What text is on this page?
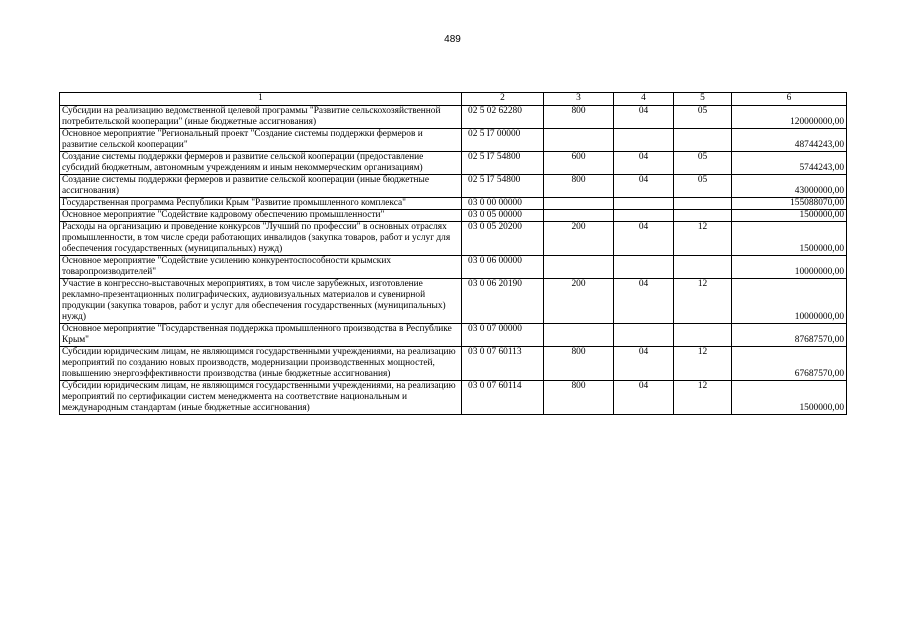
489
1	2	3	4	5	6
Субсидии на реализацию ведомственной целевой программы "Развитие сельскохозяйственной потребительской кооперации" (иные бюджетные ассигнования)	02 5 02 62280	800	04	05	120000000,00
Основное мероприятие "Региональный проект "Создание системы поддержки фермеров и развитие сельской кооперации"	02 5 I7 00000				48744243,00
Создание системы поддержки фермеров и развитие сельской кооперации (предоставление субсидий бюджетным, автономным учреждениям и иным некоммерческим организациям)	02 5 I7 54800	600	04	05	5744243,00
Создание системы поддержки фермеров и развитие сельской кооперации (иные бюджетные ассигнования)	02 5 I7 54800	800	04	05	43000000,00
Государственная программа Республики Крым "Развитие промышленного комплекса"	03 0 00 00000				155088070,00
Основное мероприятие "Содействие кадровому обеспечению промышленности"	03 0 05 00000				1500000,00
Расходы на организацию и проведение конкурсов "Лучший по профессии" в основных отраслях промышленности, в том числе среди работающих инвалидов (закупка товаров, работ и услуг для обеспечения государственных (муниципальных) нужд)	03 0 05 20200	200	04	12	1500000,00
Основное мероприятие "Содействие усилению конкурентоспособности крымских товаропроизводителей"	03 0 06 00000				10000000,00
Участие в конгрессно-выставочных мероприятиях, в том числе зарубежных, изготовление рекламно-презентационных полиграфических, аудиовизуальных материалов и сувенирной продукции (закупка товаров, работ и услуг для обеспечения государственных (муниципальных) нужд)	03 0 06 20190	200	04	12	10000000,00
Основное мероприятие "Государственная поддержка промышленного производства в Республике Крым"	03 0 07 00000				87687570,00
Субсидии юридическим лицам, не являющимся государственными учреждениями, на реализацию мероприятий по созданию новых производств, модернизации производственных мощностей, повышению энергоэффективности производства (иные бюджетные ассигнования)	03 0 07 60113	800	04	12	67687570,00
Субсидии юридическим лицам, не являющимся государственными учреждениями, на реализацию мероприятий по сертификации систем менеджмента на соответствие национальным и международным стандартам (иные бюджетные ассигнования)	03 0 07 60114	800	04	12	1500000,00
